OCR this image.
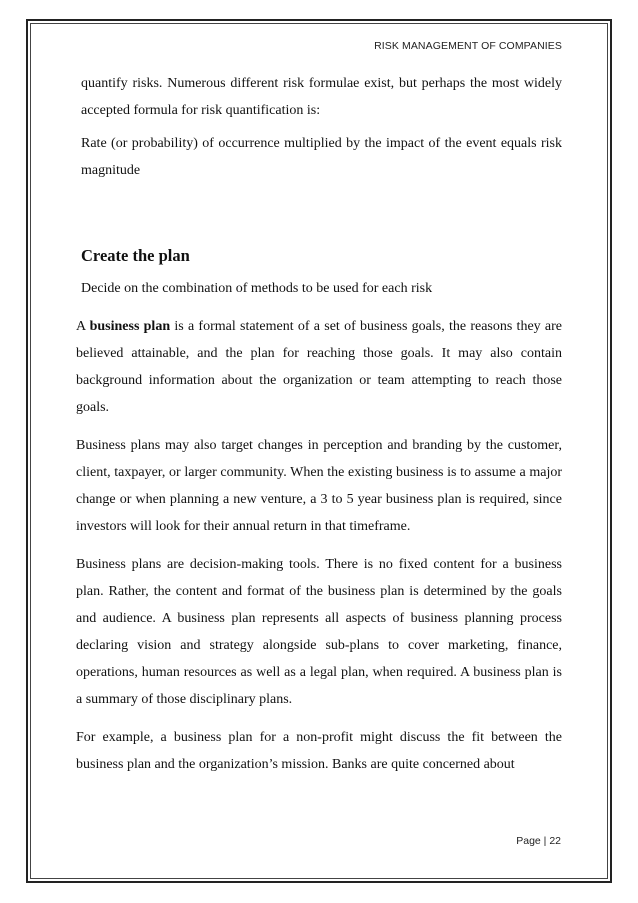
RISK MANAGEMENT OF COMPANIES

quantify risks. Numerous different risk formulae exist, but perhaps the most widely accepted formula for risk quantification is:

Rate (or probability) of occurrence multiplied by the impact of the event equals risk magnitude

Create the plan

Decide on the combination of methods to be used for each risk

A business plan is a formal statement of a set of business goals, the reasons they are believed attainable, and the plan for reaching those goals. It may also contain background information about the organization or team attempting to reach those goals.

Business plans may also target changes in perception and branding by the customer, client, taxpayer, or larger community. When the existing business is to assume a major change or when planning a new venture, a 3 to 5 year business plan is required, since investors will look for their annual return in that timeframe.

Business plans are decision-making tools. There is no fixed content for a business plan. Rather, the content and format of the business plan is determined by the goals and audience. A business plan represents all aspects of business planning process declaring vision and strategy alongside sub-plans to cover marketing, finance, operations, human resources as well as a legal plan, when required. A business plan is a summary of those disciplinary plans.

For example, a business plan for a non-profit might discuss the fit between the business plan and the organization’s mission. Banks are quite concerned about

Page | 22
